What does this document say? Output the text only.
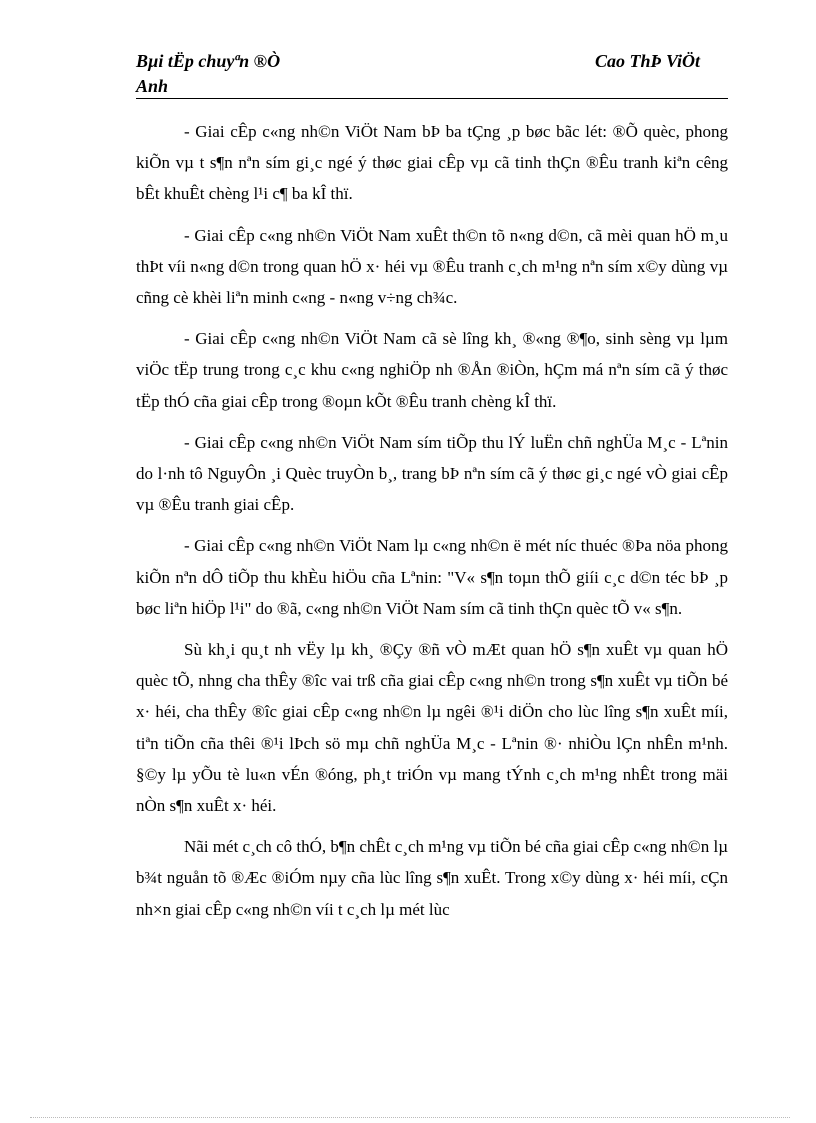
Bµi tËp chuyªn ®Ò
Anh
Cao ThÞ ViÖt

- Giai cÊp c«ng nh©n ViÖt Nam bÞ ba tÇng ¸p bøc bãc lét: ®Õ quèc, phong kiÕn vµ t s¶n nªn sím gi¸c ngé ý thøc giai cÊp vµ cã tinh thÇn ®Êu tranh kiªn cêng bÊt khuÊt chèng l¹i c¶ ba kÎ thï.

- Giai cÊp c«ng nh©n ViÖt Nam xuÊt th©n tõ n«ng d©n, cã mèi quan hÖ m¸u thÞt víi n«ng d©n trong quan hÖ x· héi vµ ®Êu tranh c¸ch m¹ng nªn sím x©y dùng vµ cñng cè khèi liªn minh c«ng - n«ng v÷ng ch¾c.

- Giai cÊp c«ng nh©n ViÖt Nam cã sè lîng kh¸ ®«ng ®¶o, sinh sèng vµ lµm viÖc tËp trung trong c¸c khu c«ng nghiÖp nh ®Ån ®iÒn, hÇm má nªn sím cã ý thøc tËp thÓ cña giai cÊp trong ®oµn kÕt ®Êu tranh chèng kÎ thï.

- Giai cÊp c«ng nh©n ViÖt Nam sím tiÕp thu lÝ luËn chñ nghÜa M¸c - Lªnin do l·nh tô NguyÔn ¸i Quèc truyÒn b¸, trang bÞ nªn sím cã ý thøc gi¸c ngé vÒ giai cÊp vµ ®Êu tranh giai cÊp.

- Giai cÊp c«ng nh©n ViÖt Nam lµ c«ng nh©n ë mét níc thuéc ®Þa nöa phong kiÕn nªn dÔ tiÕp thu khÈu hiÖu cña Lªnin: "V« s¶n toµn thÕ giíi c¸c d©n téc bÞ ¸p bøc liªn hiÖp l¹i" do ®ã, c«ng nh©n ViÖt Nam sím cã tinh thÇn quèc tÕ v« s¶n.

Sù kh¸i qu¸t nh vËy lµ kh¸ ®Çy ®ñ vÒ mÆt quan hÖ s¶n xuÊt vµ quan hÖ quèc tÕ, nhng cha thÊy ®îc vai trß cña giai cÊp c«ng nh©n trong s¶n xuÊt vµ tiÕn bé x· héi, cha thÊy ®îc giai cÊp c«ng nh©n lµ ngêi ®¹i diÖn cho lùc lîng s¶n xuÊt míi, tiªn tiÕn cña thêi ®¹i lÞch sö mµ chñ nghÜa M¸c - Lªnin ®· nhiÒu lÇn nhÊn m¹nh. §©y lµ yÕu tè lu«n vÉn ®óng, ph¸t triÓn vµ mang tÝnh c¸ch m¹ng nhÊt trong mäi nÒn s¶n xuÊt x· héi.

Nãi mét c¸ch cô thÓ, b¶n chÊt c¸ch m¹ng vµ tiÕn bé cña giai cÊp c«ng nh©n lµ b¾t nguån tõ ®Æc ®iÓm nµy cña lùc lîng s¶n xuÊt. Trong x©y dùng x· héi míi, cÇn nh×n giai cÊp c«ng nh©n víi t c¸ch lµ mét lùc
